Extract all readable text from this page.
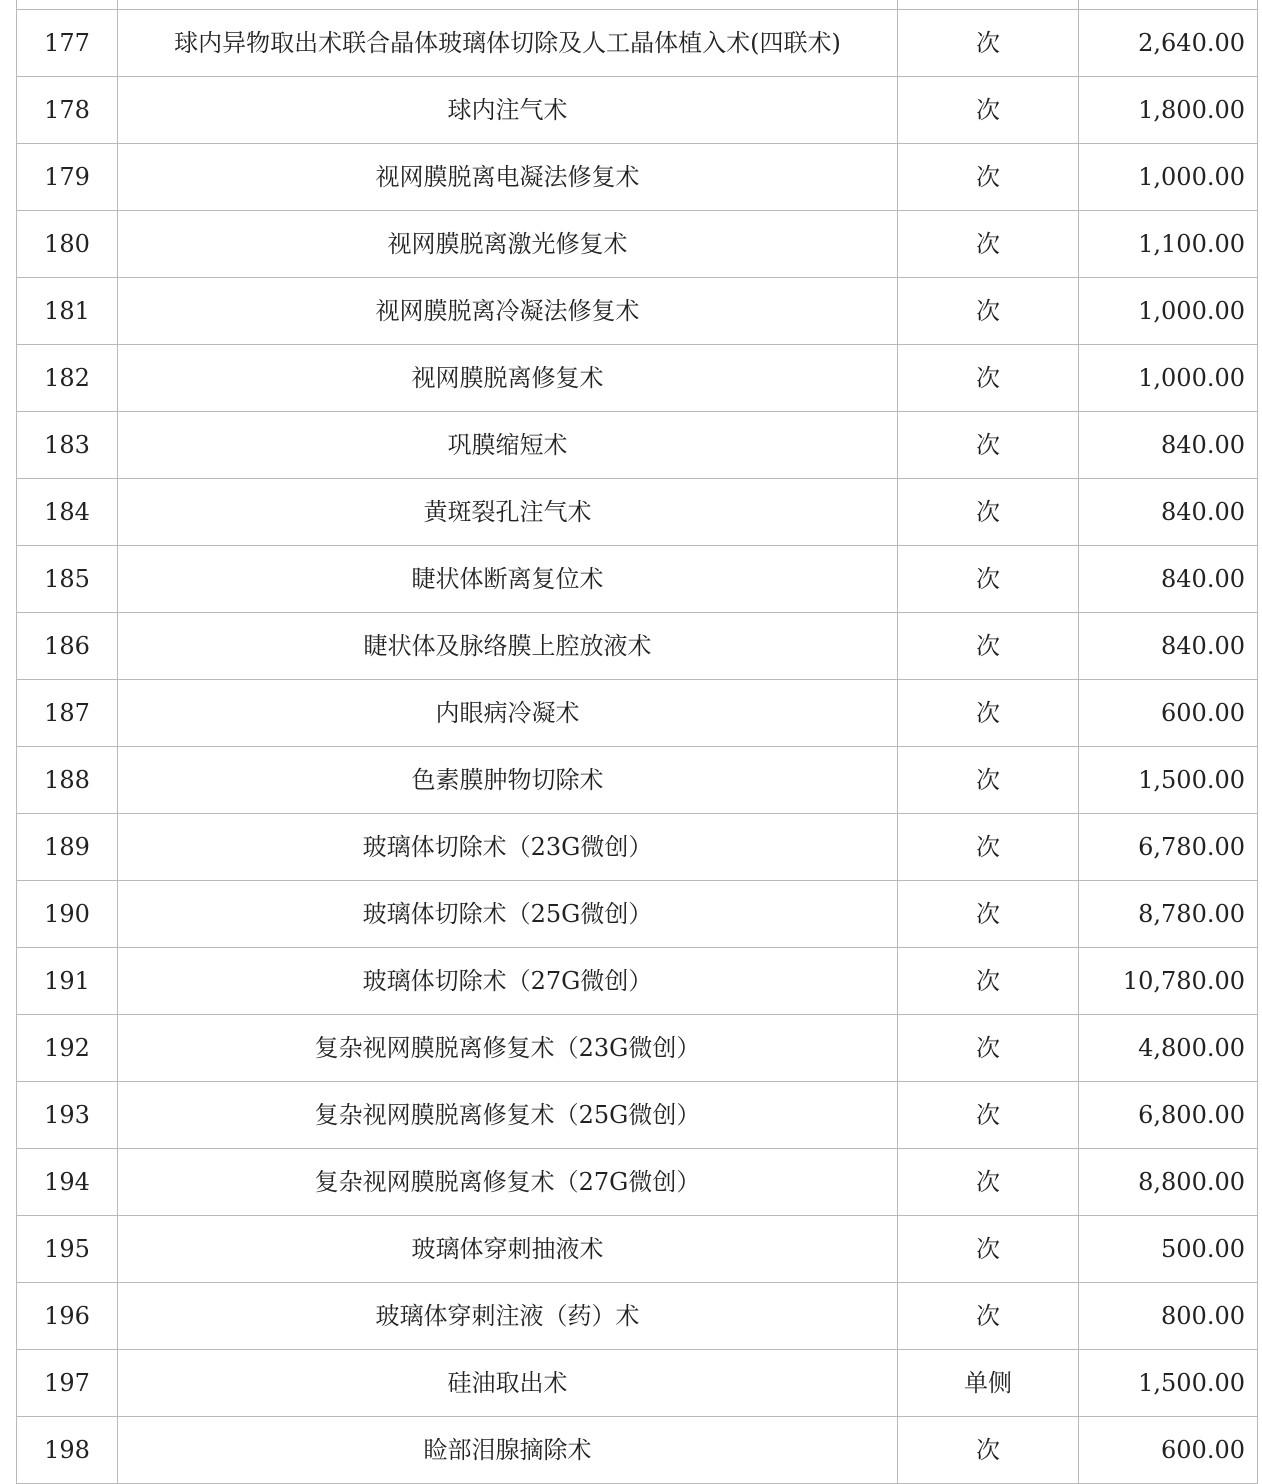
177	球内异物取出术联合晶体玻璃体切除及人工晶体植入术(四联术)	次	2,640.00
178	球内注气术	次	1,800.00
179	视网膜脱离电凝法修复术	次	1,000.00
180	视网膜脱离激光修复术	次	1,100.00
181	视网膜脱离冷凝法修复术	次	1,000.00
182	视网膜脱离修复术	次	1,000.00
183	巩膜缩短术	次	840.00
184	黄斑裂孔注气术	次	840.00
185	睫状体断离复位术	次	840.00
186	睫状体及脉络膜上腔放液术	次	840.00
187	内眼病冷凝术	次	600.00
188	色素膜肿物切除术	次	1,500.00
189	玻璃体切除术（23G微创）	次	6,780.00
190	玻璃体切除术（25G微创）	次	8,780.00
191	玻璃体切除术（27G微创）	次	10,780.00
192	复杂视网膜脱离修复术（23G微创）	次	4,800.00
193	复杂视网膜脱离修复术（25G微创）	次	6,800.00
194	复杂视网膜脱离修复术（27G微创）	次	8,800.00
195	玻璃体穿刺抽液术	次	500.00
196	玻璃体穿刺注液（药）术	次	800.00
197	硅油取出术	单侧	1,500.00
198	睑部泪腺摘除术	次	600.00
